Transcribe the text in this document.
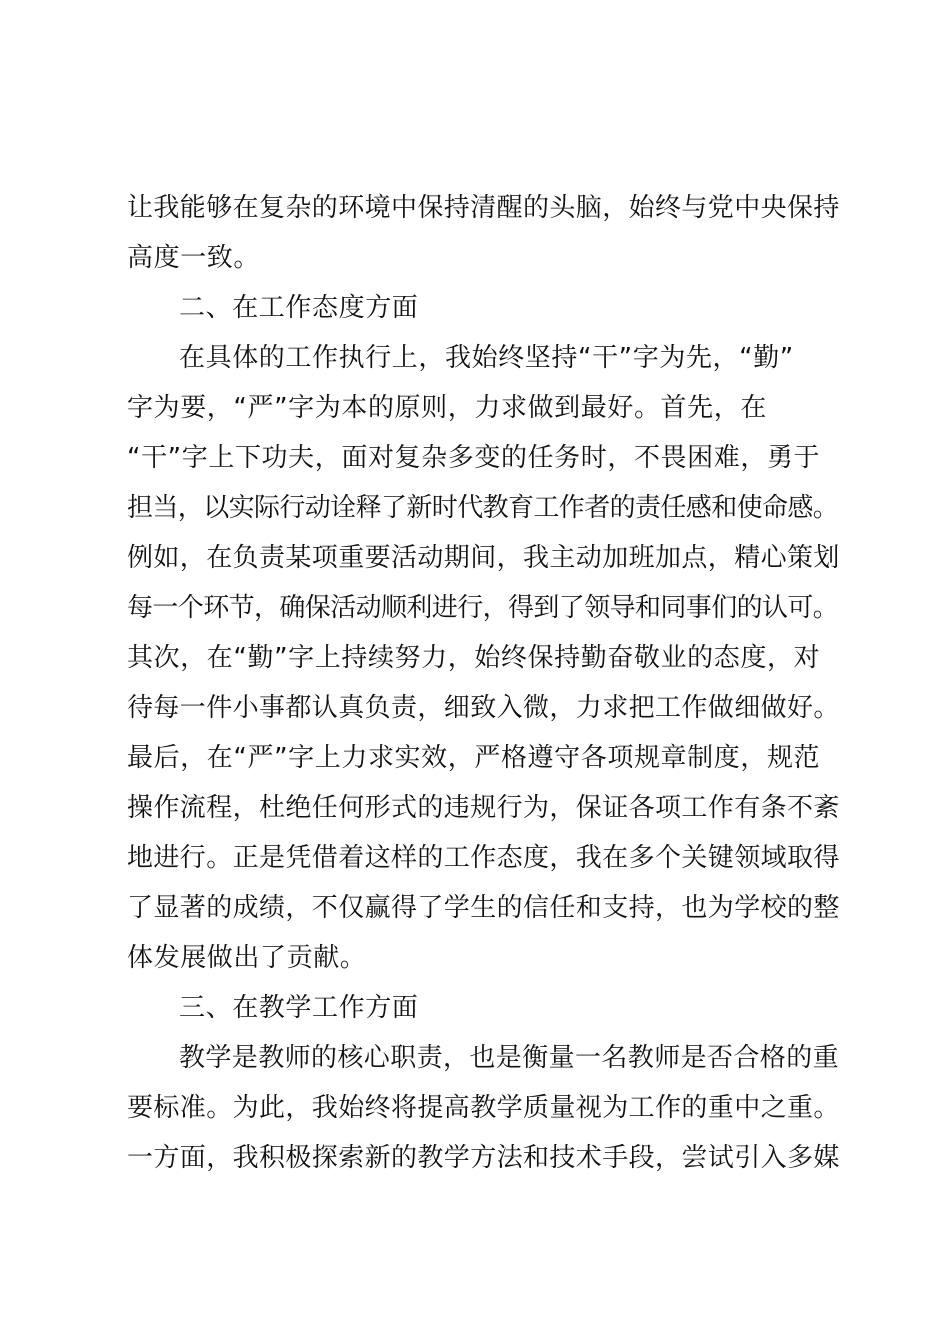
让我能够在复杂的环境中保持清醒的头脑，始终与党中央保持
高度一致。
二、在工作态度方面
在具体的工作执行上，我始终坚持“干”字为先，“勤”
字为要，“严”字为本的原则，力求做到最好。首先，在
“干”字上下功夫，面对复杂多变的任务时，不畏困难，勇于
担当，以实际行动诠释了新时代教育工作者的责任感和使命感。
例如，在负责某项重要活动期间，我主动加班加点，精心策划
每一个环节，确保活动顺利进行，得到了领导和同事们的认可。
其次，在“勤”字上持续努力，始终保持勤奋敬业的态度，对
待每一件小事都认真负责，细致入微，力求把工作做细做好。
最后，在“严”字上力求实效，严格遵守各项规章制度，规范
操作流程，杜绝任何形式的违规行为，保证各项工作有条不紊
地进行。正是凭借着这样的工作态度，我在多个关键领域取得
了显著的成绩，不仅赢得了学生的信任和支持，也为学校的整
体发展做出了贡献。
三、在教学工作方面
教学是教师的核心职责，也是衡量一名教师是否合格的重
要标准。为此，我始终将提高教学质量视为工作的重中之重。
一方面，我积极探索新的教学方法和技术手段，尝试引入多媒
